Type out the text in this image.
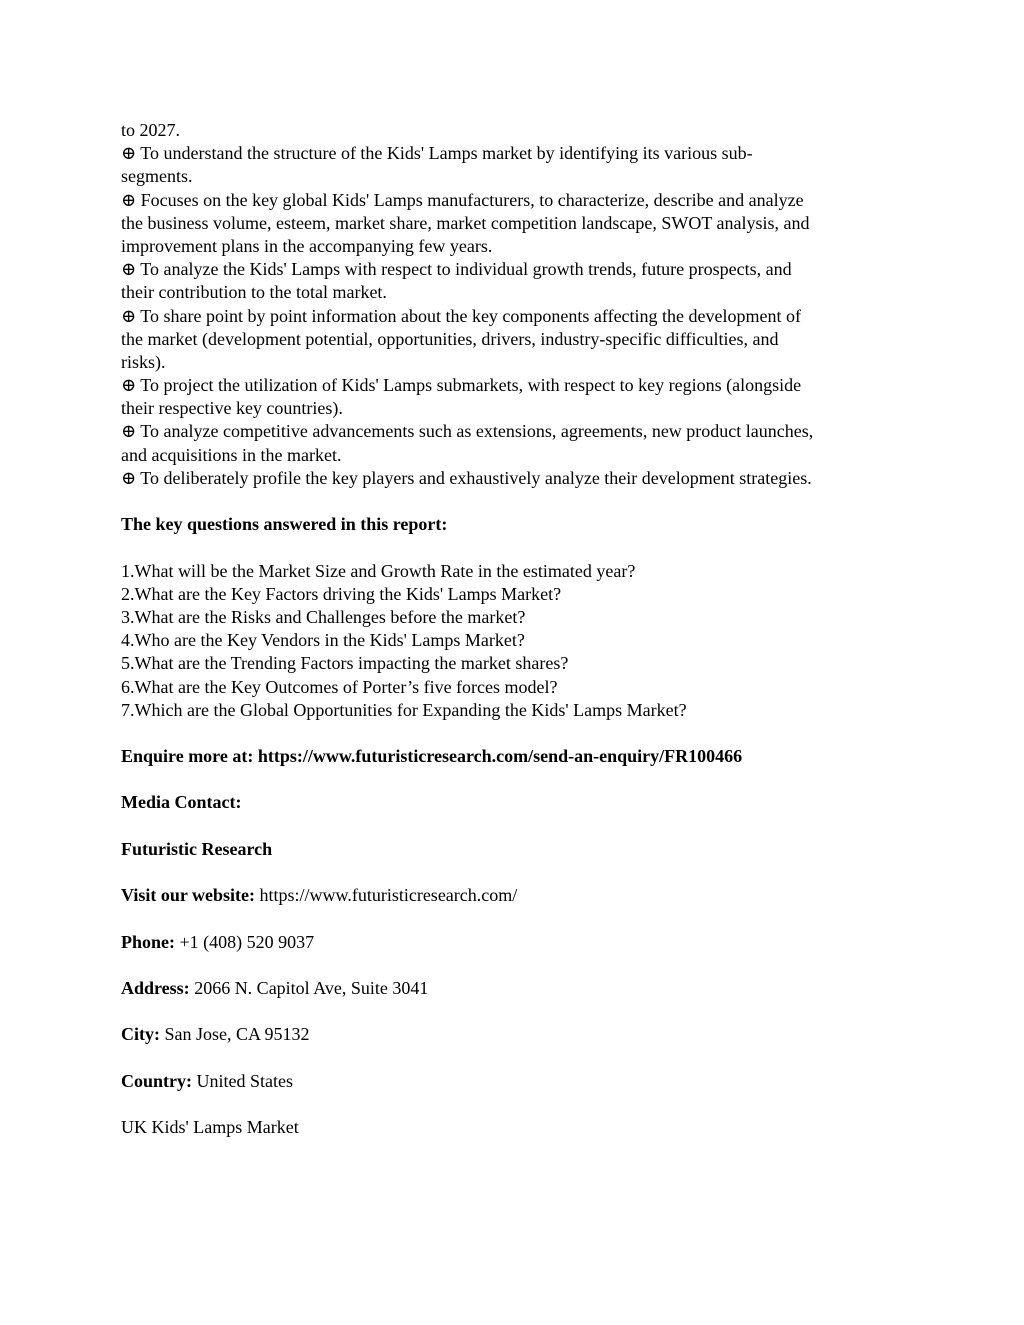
to 2027.
⊕ To understand the structure of the Kids' Lamps market by identifying its various sub-
segments.
⊕ Focuses on the key global Kids' Lamps manufacturers, to characterize, describe and analyze
the business volume, esteem, market share, market competition landscape, SWOT analysis, and
improvement plans in the accompanying few years.
⊕ To analyze the Kids' Lamps with respect to individual growth trends, future prospects, and
their contribution to the total market.
⊕ To share point by point information about the key components affecting the development of
the market (development potential, opportunities, drivers, industry-specific difficulties, and
risks).
⊕ To project the utilization of Kids' Lamps submarkets, with respect to key regions (alongside
their respective key countries).
⊕ To analyze competitive advancements such as extensions, agreements, new product launches,
and acquisitions in the market.
⊕ To deliberately profile the key players and exhaustively analyze their development strategies.
The key questions answered in this report:
1.What will be the Market Size and Growth Rate in the estimated year?
2.What are the Key Factors driving the Kids' Lamps Market?
3.What are the Risks and Challenges before the market?
4.Who are the Key Vendors in the Kids' Lamps Market?
5.What are the Trending Factors impacting the market shares?
6.What are the Key Outcomes of Porter’s five forces model?
7.Which are the Global Opportunities for Expanding the Kids' Lamps Market?
Enquire more at: https://www.futuristicresearch.com/send-an-enquiry/FR100466
Media Contact:
Futuristic Research
Visit our website: https://www.futuristicresearch.com/
Phone: +1 (408) 520 9037
Address: 2066 N. Capitol Ave, Suite 3041
City: San Jose, CA 95132
Country: United States
UK Kids' Lamps Market
